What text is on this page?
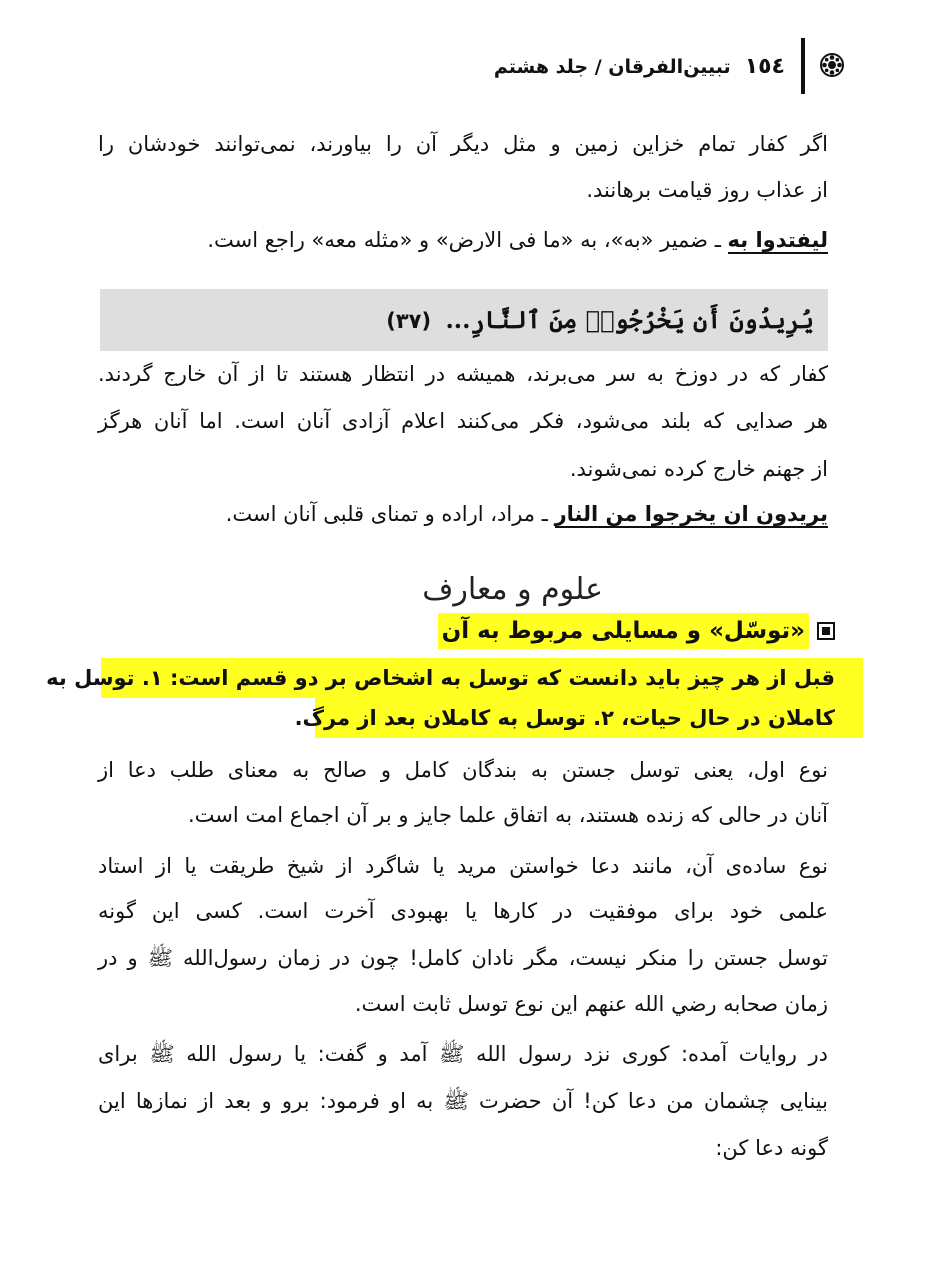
١٥٤تبیین‌الفرقان / جلد هشتم
اگر کفار تمام خزاین زمین و مثل دیگر آن را بیاورند، نمی‌توانند خودشان را
از عذاب روز قیامت برهانند.
لیفتدوا به ـ ضمیر «به»، به «ما فی الارض» و «مثله معه» راجع است.
يُرِيدُونَ أَن يَخْرُجُوا۟ مِنَ ٱلنَّارِ... (٣٧)
کفار که در دوزخ به سر می‌برند، همیشه در انتظار هستند تا از آن خارج گردند.
هر صدایی که بلند می‌شود، فکر می‌کنند اعلام آزادی آنان است. اما آنان هرگز
از جهنم خارج کرده نمی‌شوند.
یریدون ان یخرجوا من النار ـ مراد، اراده و تمنای قلبی آنان است.
علوم و معارف
«توسّل» و مسایلی مربوط به آن
قبل از هر چیز باید دانست که توسل به اشخاص بر دو قسم است: ۱. توسل به
کاملان در حال حیات، ۲. توسل به کاملان بعد از مرگ.
نوع اول، یعنی توسل جستن به بندگان کامل و صالح به معنای طلب دعا از
آنان در حالی که زنده هستند، به اتفاق علما جایز و بر آن اجماع امت است.
نوع ساده‌ی آن، مانند دعا خواستن مرید یا شاگرد از شیخ طریقت یا از استاد
علمی خود برای موفقیت در کارها یا بهبودی آخرت است. کسی این گونه
توسل جستن را منکر نیست، مگر نادان کامل! چون در زمان رسول‌الله ﷺ و در
زمان صحابه‌ رضي الله عنهم این نوع توسل ثابت است.
در روایات آمده: کوری نزد رسول الله ﷺ آمد و گفت: یا رسول الله ﷺ برای
بینایی چشمان من دعا کن! آن حضرت ﷺ به او فرمود: برو و بعد از نمازها این
گونه دعا کن:
